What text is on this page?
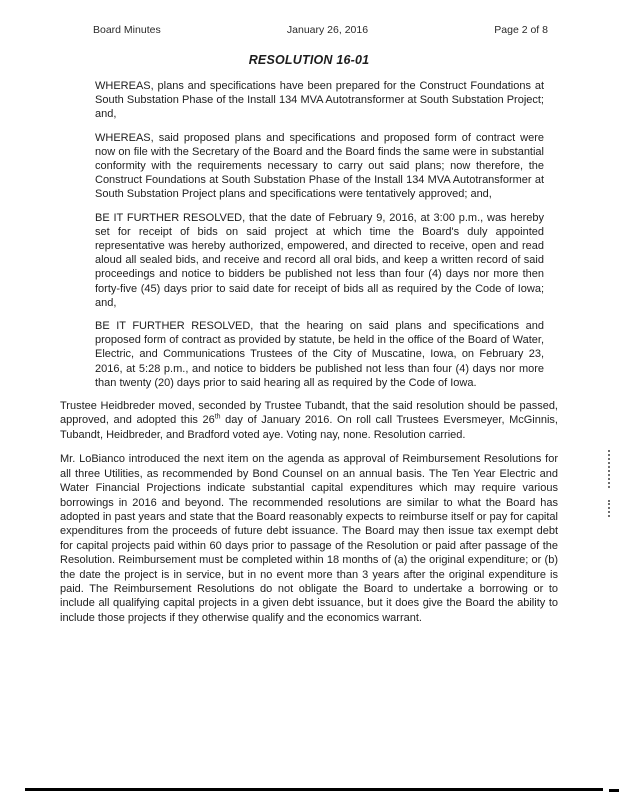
Board Minutes	January 26, 2016	Page 2 of 8
RESOLUTION 16-01

WHEREAS, plans and specifications have been prepared for the Construct Foundations at South Substation Phase of the Install 134 MVA Autotransformer at South Substation Project; and,

WHEREAS, said proposed plans and specifications and proposed form of contract were now on file with the Secretary of the Board and the Board finds the same were in substantial conformity with the requirements necessary to carry out said plans; now therefore, the Construct Foundations at South Substation Phase of the Install 134 MVA Autotransformer at South Substation Project plans and specifications were tentatively approved; and,

BE IT FURTHER RESOLVED, that the date of February 9, 2016, at 3:00 p.m., was hereby set for receipt of bids on said project at which time the Board's duly appointed representative was hereby authorized, empowered, and directed to receive, open and read aloud all sealed bids, and receive and record all oral bids, and keep a written record of said proceedings and notice to bidders be published not less than four (4) days nor more then forty-five (45) days prior to said date for receipt of bids all as required by the Code of Iowa; and,

BE IT FURTHER RESOLVED, that the hearing on said plans and specifications and proposed form of contract as provided by statute, be held in the office of the Board of Water, Electric, and Communications Trustees of the City of Muscatine, Iowa, on February 23, 2016, at 5:28 p.m., and notice to bidders be published not less than four (4) days nor more than twenty (20) days prior to said hearing all as required by the Code of Iowa.

Trustee Heidbreder moved, seconded by Trustee Tubandt, that the said resolution should be passed, approved, and adopted this 26th day of January 2016. On roll call Trustees Eversmeyer, McGinnis, Tubandt, Heidbreder, and Bradford voted aye. Voting nay, none. Resolution carried.

Mr. LoBianco introduced the next item on the agenda as approval of Reimbursement Resolutions for all three Utilities, as recommended by Bond Counsel on an annual basis. The Ten Year Electric and Water Financial Projections indicate substantial capital expenditures which may require various borrowings in 2016 and beyond. The recommended resolutions are similar to what the Board has adopted in past years and state that the Board reasonably expects to reimburse itself or pay for capital expenditures from the proceeds of future debt issuance. The Board may then issue tax exempt debt for capital projects paid within 60 days prior to passage of the Resolution or paid after passage of the Resolution. Reimbursement must be completed within 18 months of (a) the original expenditure; or (b) the date the project is in service, but in no event more than 3 years after the original expenditure is paid. The Reimbursement Resolutions do not obligate the Board to undertake a borrowing or to include all qualifying capital projects in a given debt issuance, but it does give the Board the ability to include those projects if they otherwise qualify and the economics warrant.
